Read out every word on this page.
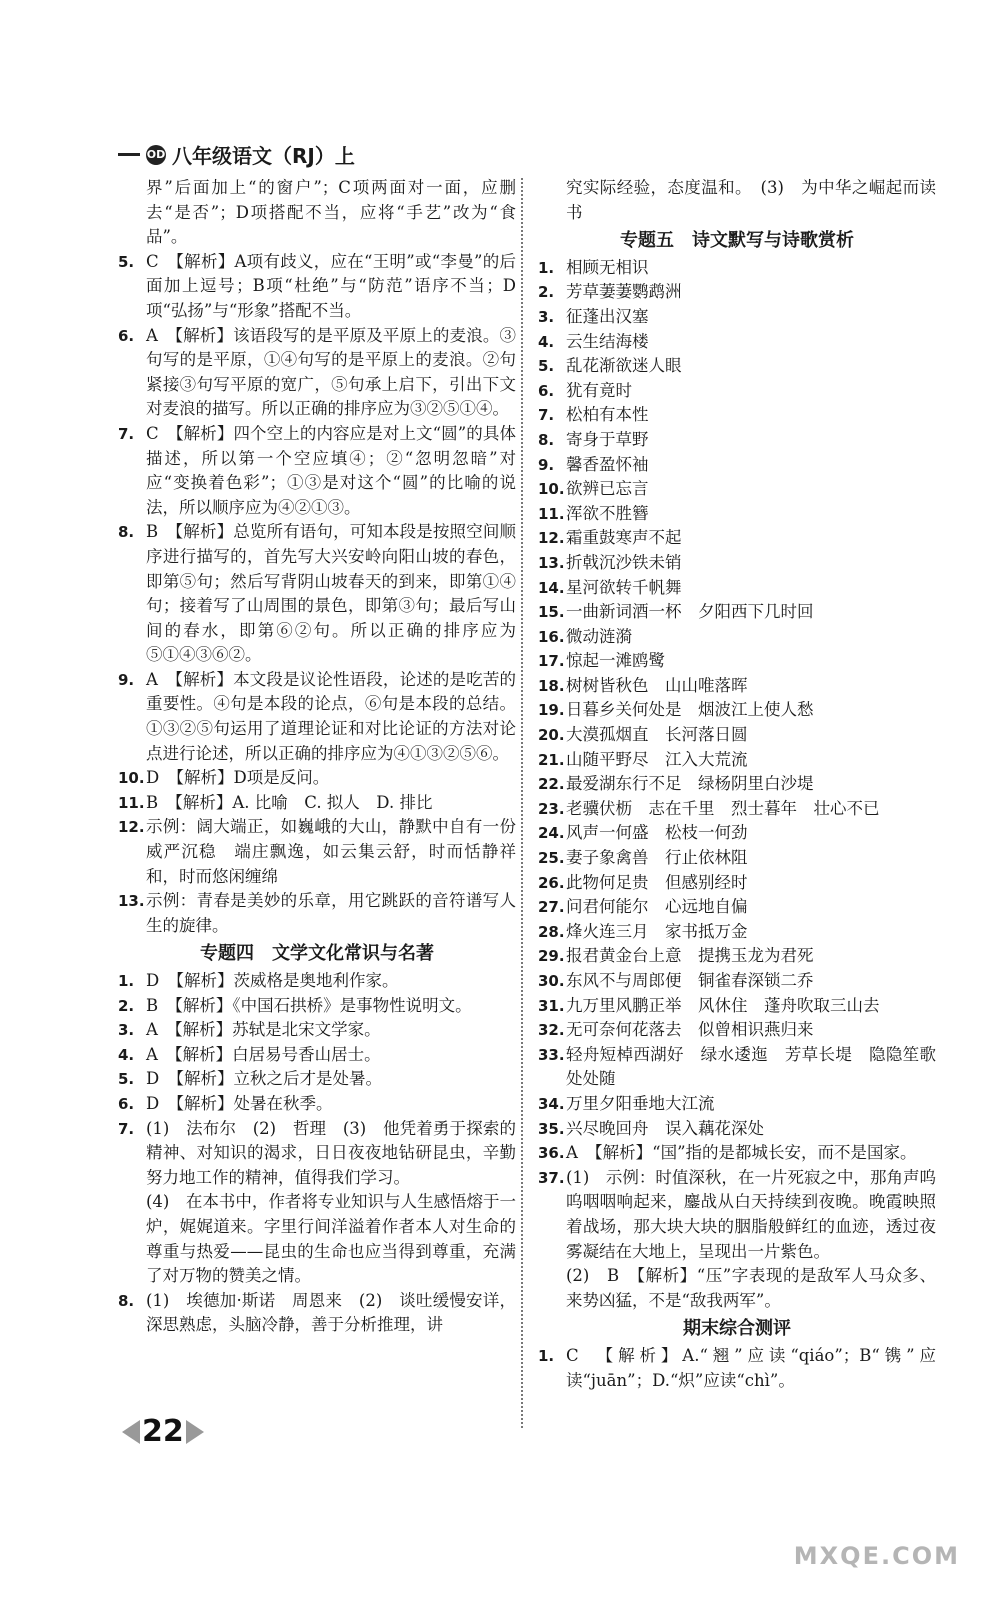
OD 八年级语文（RJ）上
界”后面加上“的窗户”；C项两面对一面，应删去“是否”；D项搭配不当，应将“手艺”改为“食品”。
5. C　【解析】A项有歧义，应在“王明”或“李曼”的后面加上逗号；B项“杜绝”与“防范”语序不当；D项“弘扬”与“形象”搭配不当。
6. A　【解析】该语段写的是平原及平原上的麦浪。③句写的是平原，①④句写的是平原上的麦浪。②句紧接③句写平原的宽广，⑤句承上启下，引出下文对麦浪的描写。所以正确的排序应为③②⑤①④。
7. C　【解析】四个空上的内容应是对上文“圆”的具体描述，所以第一个空应填④；②“忽明忽暗”对应“变换着色彩”；①③是对这个“圆”的比喻的说法，所以顺序应为④②①③。
8. B　【解析】总览所有语句，可知本段是按照空间顺序进行描写的，首先写大兴安岭向阳山坡的春色，即第⑤句；然后写背阴山坡春天的到来，即第①④句；接着写了山周围的景色，即第③句；最后写山间的春水，即第⑥②句。所以正确的排序应为⑤①④③⑥②。
9. A　【解析】本文段是议论性语段，论述的是吃苦的重要性。④句是本段的论点，⑥句是本段的总结。①③②⑤句运用了道理论证和对比论证的方法对论点进行论述，所以正确的排序应为④①③②⑤⑥。
10. D　【解析】D项是反问。
11. B　【解析】A. 比喻　C. 拟人　D. 排比
12. 示例：阔大端正，如巍峨的大山，静默中自有一份威严沉稳　端庄飘逸，如云集云舒，时而恬静祥和，时而悠闲缠绵
13. 示例：青春是美妙的乐章，用它跳跃的音符谱写人生的旋律。
专题四　文学文化常识与名著
1. D　【解析】茨威格是奥地利作家。
2. B　【解析】《中国石拱桥》是事物性说明文。
3. A　【解析】苏轼是北宋文学家。
4. A　【解析】白居易号香山居士。
5. D　【解析】立秋之后才是处暑。
6. D　【解析】处暑在秋季。
7. (1)　法布尔　(2)　哲理　(3)　他凭着勇于探索的精神、对知识的渴求，日日夜夜地钻研昆虫，辛勤努力地工作的精神，值得我们学习。
(4)　在本书中，作者将专业知识与人生感悟熔于一炉，娓娓道来。字里行间洋溢着作者本人对生命的尊重与热爱——昆虫的生命也应当得到尊重，充满了对万物的赞美之情。
8. (1)　埃德加·斯诺　周恩来　(2)　谈吐缓慢安详，深思熟虑，头脑冷静，善于分析推理，讲
究实际经验，态度温和。　(3)　为中华之崛起而读书
专题五　诗文默写与诗歌赏析
1. 相顾无相识
2. 芳草萋萋鹦鹉洲
3. 征蓬出汉塞
4. 云生结海楼
5. 乱花渐欲迷人眼
6. 犹有竟时
7. 松柏有本性
8. 寄身于草野
9. 馨香盈怀袖
10. 欲辨已忘言
11. 浑欲不胜簪
12. 霜重鼓寒声不起
13. 折戟沉沙铁未销
14. 星河欲转千帆舞
15. 一曲新词酒一杯　夕阳西下几时回
16. 微动涟漪
17. 惊起一滩鸥鹭
18. 树树皆秋色　山山唯落晖
19. 日暮乡关何处是　烟波江上使人愁
20. 大漠孤烟直　长河落日圆
21. 山随平野尽　江入大荒流
22. 最爱湖东行不足　绿杨阴里白沙堤
23. 老骥伏枥　志在千里　烈士暮年　壮心不已
24. 风声一何盛　松枝一何劲
25. 妻子象禽兽　行止依林阻
26. 此物何足贵　但感别经时
27. 问君何能尔　心远地自偏
28. 烽火连三月　家书抵万金
29. 报君黄金台上意　提携玉龙为君死
30. 东风不与周郎便　铜雀春深锁二乔
31. 九万里风鹏正举　风休住　蓬舟吹取三山去
32. 无可奈何花落去　似曾相识燕归来
33. 轻舟短棹西湖好　绿水逶迤　芳草长堤　隐隐笙歌处处随
34. 万里夕阳垂地大江流
35. 兴尽晚回舟　误入藕花深处
36. A　【解析】“国”指的是都城长安，而不是国家。
37. (1)　示例：时值深秋，在一片死寂之中，那角声呜呜咽咽响起来，鏖战从白天持续到夜晚。晚霞映照着战场，那大块大块的胭脂般鲜红的血迹，透过夜雾凝结在大地上，呈现出一片紫色。
(2)　B　【解析】“压”字表现的是敌军人马众多、来势凶猛，不是“敌我两军”。
期末综合测评
1. C　【解析】A.“翘”应读“qiáo”；B“镌”应读“juān”；D.“炽”应读“chì”。
22
MXQE.COM
